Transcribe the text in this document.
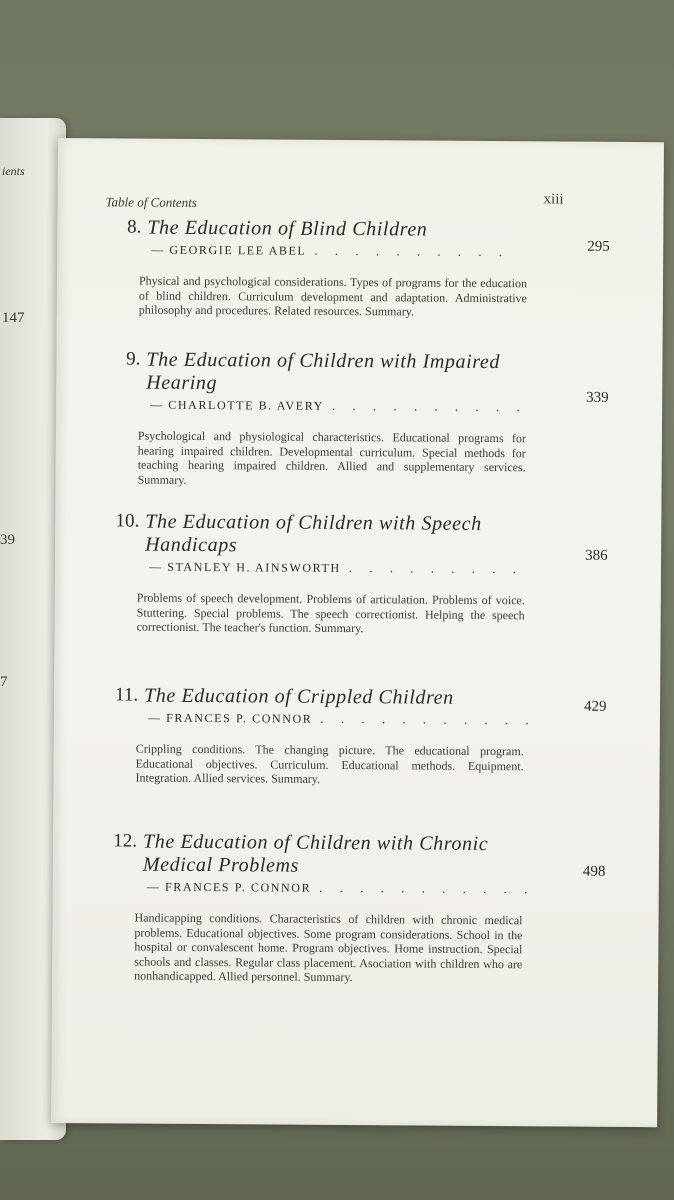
ients
147
39
7
Table of Contents	xiii
8. The Education of Blind Children
— GEORGIE LEE ABEL . . . . . . . . . .	295
Physical and psychological considerations. Types of programs for the education of blind children. Curriculum development and adaptation. Administrative philosophy and procedures. Related resources. Summary.
9. The Education of Children with Impaired Hearing
— CHARLOTTE B. AVERY . . . . . . . . . .
339
Psychological and physiological characteristics. Educational programs for hearing impaired children. Developmental curriculum. Special methods for teaching hearing impaired children. Allied and supplementary services. Summary.
10. The Education of Children with Speech Handicaps
— STANLEY H. AINSWORTH . . . . . . . . .
386
Problems of speech development. Problems of articulation. Problems of voice. Stuttering. Special problems. The speech correctionist. Helping the speech correctionist. The teacher's function. Summary.
11. The Education of Crippled Children
— FRANCES P. CONNOR . . . . . . . . . . .
429
Crippling conditions. The changing picture. The educational program. Educational objectives. Curriculum. Educational methods. Equipment. Integration. Allied services. Summary.
12. The Education of Children with Chronic Medical Problems
— FRANCES P. CONNOR . . . . . . . . . . .
498
Handicapping conditions. Characteristics of children with chronic medical problems. Educational objectives. Some program considerations. School in the hospital or convalescent home. Program objectives. Home instruction. Special schools and classes. Regular class placement. Asociation with children who are nonhandicapped. Allied personnel. Summary.
